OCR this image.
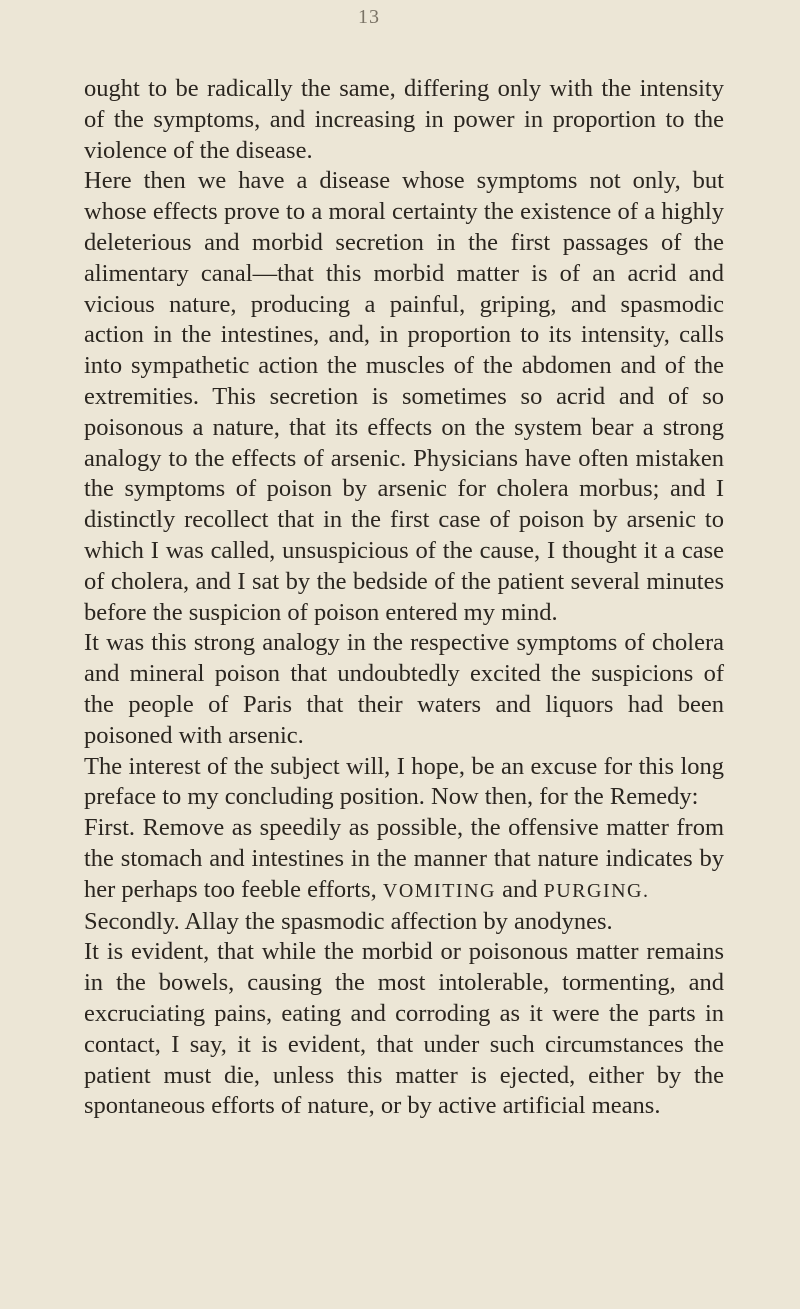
13

ought to be radically the same, differing only with the intensity of the symptoms, and increasing in power in proportion to the violence of the disease.

Here then we have a disease whose symptoms not only, but whose effects prove to a moral certainty the existence of a highly deleterious and morbid secretion in the first passages of the alimentary canal—that this morbid matter is of an acrid and vicious nature, producing a painful, griping, and spasmodic action in the intestines, and, in proportion to its intensity, calls into sympathetic action the muscles of the abdomen and of the extremities. This secretion is sometimes so acrid and of so poisonous a nature, that its effects on the system bear a strong analogy to the effects of arsenic. Physicians have often mistaken the symptoms of poison by arsenic for cholera morbus; and I distinctly recollect that in the first case of poison by arsenic to which I was called, unsuspicious of the cause, I thought it a case of cholera, and I sat by the bedside of the patient several minutes before the suspicion of poison entered my mind.

It was this strong analogy in the respective symptoms of cholera and mineral poison that undoubtedly excited the suspicions of the people of Paris that their waters and liquors had been poisoned with arsenic.

The interest of the subject will, I hope, be an excuse for this long preface to my concluding position. Now then, for the Remedy:

First. Remove as speedily as possible, the offensive matter from the stomach and intestines in the manner that nature indicates by her perhaps too feeble efforts, VOMITING and PURGING.

Secondly. Allay the spasmodic affection by anodynes.

It is evident, that while the morbid or poisonous matter remains in the bowels, causing the most intolerable, tormenting, and excruciating pains, eating and corroding as it were the parts in contact, I say, it is evident, that under such circumstances the patient must die, unless this matter is ejected, either by the spontaneous efforts of nature, or by active artificial means.
